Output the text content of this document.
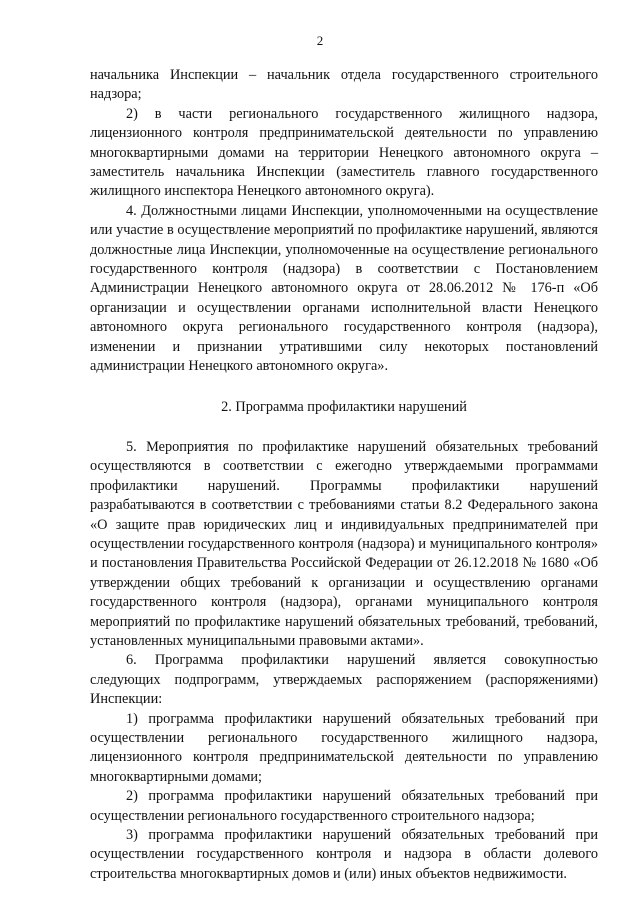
2

начальника Инспекции – начальник отдела государственного строительного надзора;

2) в части регионального государственного жилищного надзора, лицензионного контроля предпринимательской деятельности по управлению многоквартирными домами на территории Ненецкого автономного округа – заместитель начальника Инспекции (заместитель главного государственного жилищного инспектора Ненецкого автономного округа).

4. Должностными лицами Инспекции, уполномоченными на осуществление или участие в осуществление мероприятий по профилактике нарушений, являются должностные лица Инспекции, уполномоченные на осуществление регионального государственного контроля (надзора) в соответствии с Постановлением Администрации Ненецкого автономного округа от 28.06.2012 № 176-п «Об организации и осуществлении органами исполнительной власти Ненецкого автономного округа регионального государственного контроля (надзора), изменении и признании утратившими силу некоторых постановлений администрации Ненецкого автономного округа».

2. Программа профилактики нарушений

5. Мероприятия по профилактике нарушений обязательных требований осуществляются в соответствии с ежегодно утверждаемыми программами профилактики нарушений. Программы профилактики нарушений разрабатываются в соответствии с требованиями статьи 8.2 Федерального закона «О защите прав юридических лиц и индивидуальных предпринимателей при осуществлении государственного контроля (надзора) и муниципального контроля» и постановления Правительства Российской Федерации от 26.12.2018 № 1680 «Об утверждении общих требований к организации и осуществлению органами государственного контроля (надзора), органами муниципального контроля мероприятий по профилактике нарушений обязательных требований, требований, установленных муниципальными правовыми актами».

6. Программа профилактики нарушений является совокупностью следующих подпрограмм, утверждаемых распоряжением (распоряжениями) Инспекции:

1) программа профилактики нарушений обязательных требований при осуществлении регионального государственного жилищного надзора, лицензионного контроля предпринимательской деятельности по управлению многоквартирными домами;

2) программа профилактики нарушений обязательных требований при осуществлении регионального государственного строительного надзора;

3) программа профилактики нарушений обязательных требований при осуществлении государственного контроля и надзора в области долевого строительства многоквартирных домов и (или) иных объектов недвижимости.
